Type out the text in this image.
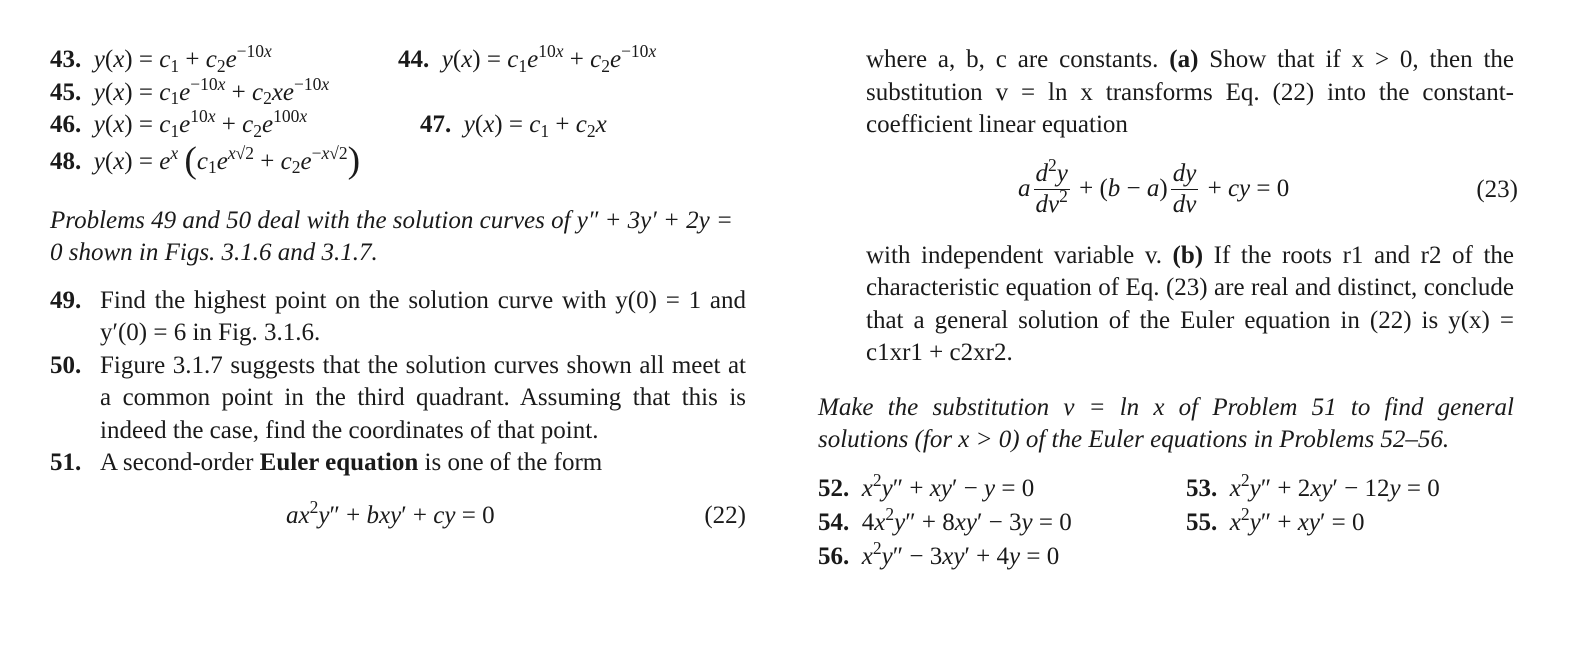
43.  $y(x) = c_1 + c_2e^{-10x}$	44.  $y(x) = c_1e^{10x} + c_2e^{-10x}$
45.  $y(x) = c_1e^{-10x} + c_2xe^{-10x}$
46.  $y(x) = c_1e^{10x} + c_2e^{100x}$	47.  $y(x) = c_1 + c_2x$
48.  $y(x) = e^x$ $(c_1e^{x√2} + c_2e^{-x√2})$

Problems 49 and 50 deal with the solution curves of y″ + 3y′ + 2y = 0 shown in Figs. 3.1.6 and 3.1.7.

49. Find the highest point on the solution curve with y(0) = 1 and y′(0) = 6 in Fig. 3.1.6.
50. Figure 3.1.7 suggests that the solution curves shown all meet at a common point in the third quadrant. Assuming that this is indeed the case, find the coordinates of that point.
51. A second-order Euler equation is one of the form
$ax^2y'' + bxy'$ + cy = 0	(22)

where a, b, c are constants. (a) Show that if x > 0, then the substitution v = ln x transforms Eq. (22) into the constant-coefficient linear equation

a $\frac{d^2y}{dv^2}$ + ( b − a ) $\frac{dy}{dv}$ + cy = 0	(23)

with independent variable v. (b) If the roots r1 and r2 of the characteristic equation of Eq. (23) are real and distinct, conclude that a general solution of the Euler equation in (22) is y(x) = c1xr1 + c2xr2.

Make the substitution v = ln x of Problem 51 to find general solutions (for x > 0) of the Euler equations in Problems 52–56.

52.  $x^2y'' + xy' - y = 0$	53.  $x^2y'' + 2xy' - 12y = 0$
54. $4x^2y'' + 8xy' - 3y = 0$	55.  $x^2y'' + xy' = 0$
56.  $x^2y'' - 3xy' + 4y = 0$
